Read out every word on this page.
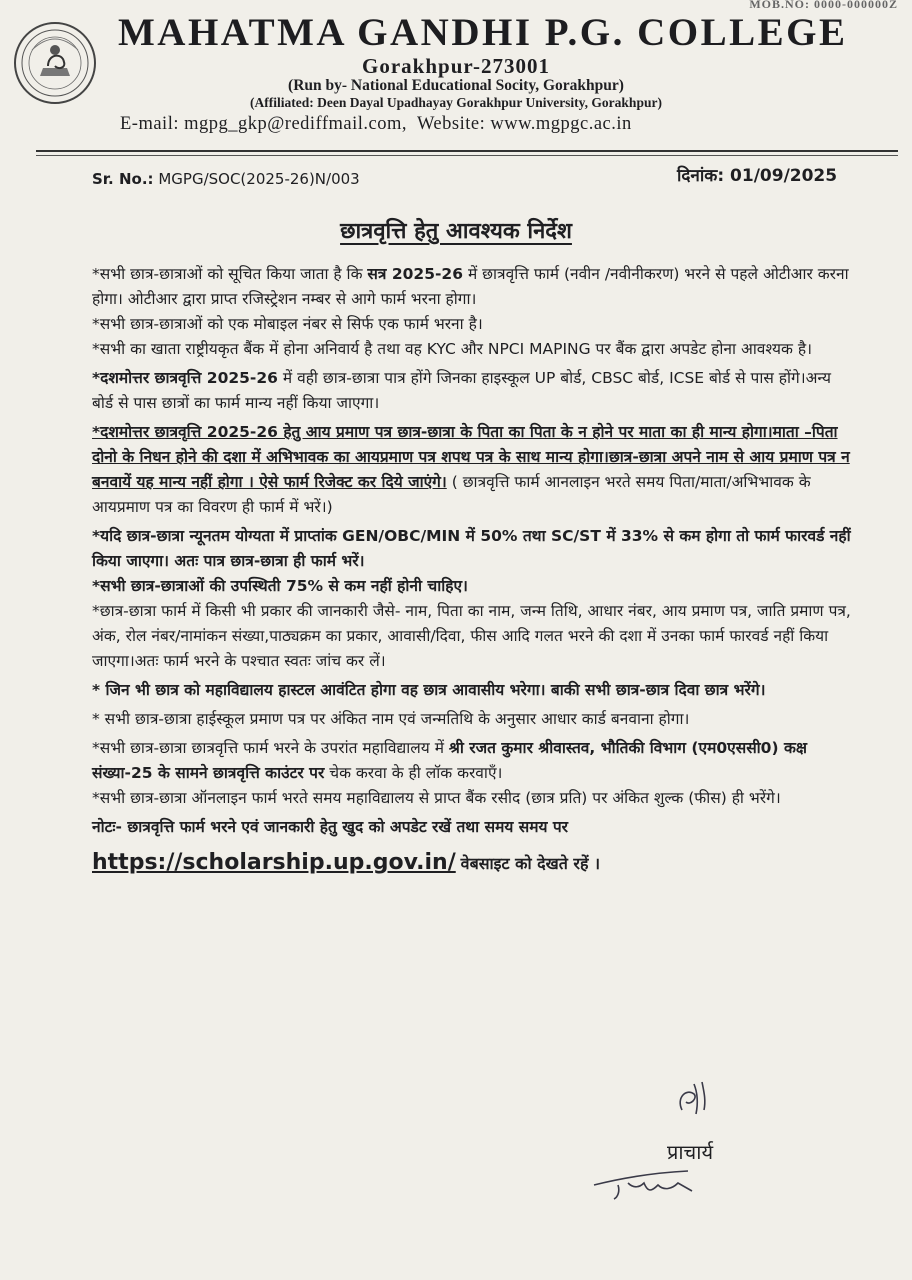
MOB.NO: 0000-000000Z
MAHATMA GANDHI P.G. COLLEGE
Gorakhpur-273001
(Run by- National Educational Socity, Gorakhpur)
(Affiliated: Deen Dayal Upadhayay Gorakhpur University, Gorakhpur)
E-mail: mgpg_gkp@rediffmail.com, Website: www.mgpgc.ac.in
Sr. No.: MGPG/SOC(2025-26)N/003	दिनांक: 01/09/2025
छात्रवृत्ति हेतु आवश्यक निर्देश

*सभी छात्र-छात्राओं को सूचित किया जाता है कि सत्र 2025-26 में छात्रवृत्ति फार्म (नवीन /नवीनीकरण) भरने से पहले ओटीआर करना होगा। ओटीआर द्वारा प्राप्त रजिस्ट्रेशन नम्बर से आगे फार्म भरना होगा।

*सभी छात्र-छात्राओं को एक मोबाइल नंबर से सिर्फ एक फार्म भरना है।

*सभी का खाता राष्ट्रीयकृत बैंक में होना अनिवार्य है तथा वह KYC और NPCI MAPING पर बैंक द्वारा अपडेट होना आवश्यक है।

*दशमोत्तर छात्रवृत्ति 2025-26 में वही छात्र-छात्रा पात्र होंगे जिनका हाइस्कूल UP बोर्ड, CBSC बोर्ड, ICSE बोर्ड से पास होंगे।अन्य बोर्ड से पास छात्रों का फार्म मान्य नहीं किया जाएगा।

*दशमोत्तर छात्रवृत्ति 2025-26 हेतु आय प्रमाण पत्र छात्र-छात्रा के पिता का पिता के न होने पर माता का ही मान्य होगा।माता –पिता दोनो के निधन होने की दशा में अभिभावक का आयप्रमाण पत्र शपथ पत्र के साथ मान्य होगा।छात्र-छात्रा अपने नाम से आय प्रमाण पत्र न बनवायें यह मान्य नहीं होगा । ऐसे फार्म रिजेक्ट कर दिये जाएंगे। ( छात्रवृत्ति फार्म आनलाइन भरते समय पिता/माता/अभिभावक के आयप्रमाण पत्र का विवरण ही फार्म में भरें।)

*यदि छात्र-छात्रा न्यूनतम योग्यता में प्राप्तांक GEN/OBC/MIN में 50% तथा SC/ST में 33% से कम होगा तो फार्म फारवर्ड नहीं किया जाएगा। अतः पात्र छात्र-छात्रा ही फार्म भरें।

*सभी छात्र-छात्राओं की उपस्थिती 75% से कम नहीं होनी चाहिए।

*छात्र-छात्रा फार्म में किसी भी प्रकार की जानकारी जैसे- नाम, पिता का नाम, जन्म तिथि, आधार नंबर, आय प्रमाण पत्र, जाति प्रमाण पत्र, अंक, रोल नंबर/नामांकन संख्या,पाठ्यक्रम का प्रकार, आवासी/दिवा, फीस आदि गलत भरने की दशा में उनका फार्म फारवर्ड नहीं किया जाएगा।अतः फार्म भरने के पश्चात स्वतः जांच कर लें।

* जिन भी छात्र को महाविद्यालय हास्टल आवंटित होगा वह छात्र आवासीय भरेगा। बाकी सभी छात्र-छात्र दिवा छात्र भरेंगे।

* सभी छात्र-छात्रा हाईस्कूल प्रमाण पत्र पर अंकित नाम एवं जन्मतिथि के अनुसार आधार कार्ड बनवाना होगा।

*सभी छात्र-छात्रा छात्रवृत्ति फार्म भरने के उपरांत महाविद्यालय में श्री रजत कुमार श्रीवास्तव, भौतिकी विभाग (एम0एससी0) कक्ष संख्या-25 के सामने छात्रवृत्ति काउंटर पर चेक करवा के ही लॉक करवाएँ।

*सभी छात्र-छात्रा ऑनलाइन फार्म भरते समय महाविद्यालय से प्राप्त बैंक रसीद (छात्र प्रति) पर अंकित शुल्क (फीस) ही भरेंगे।

नोटः- छात्रवृत्ति फार्म भरने एवं जानकारी हेतु खुद को अपडेट रखें तथा समय समय पर

https://scholarship.up.gov.in/ वेबसाइट को देखते रहें ।

प्राचार्य
